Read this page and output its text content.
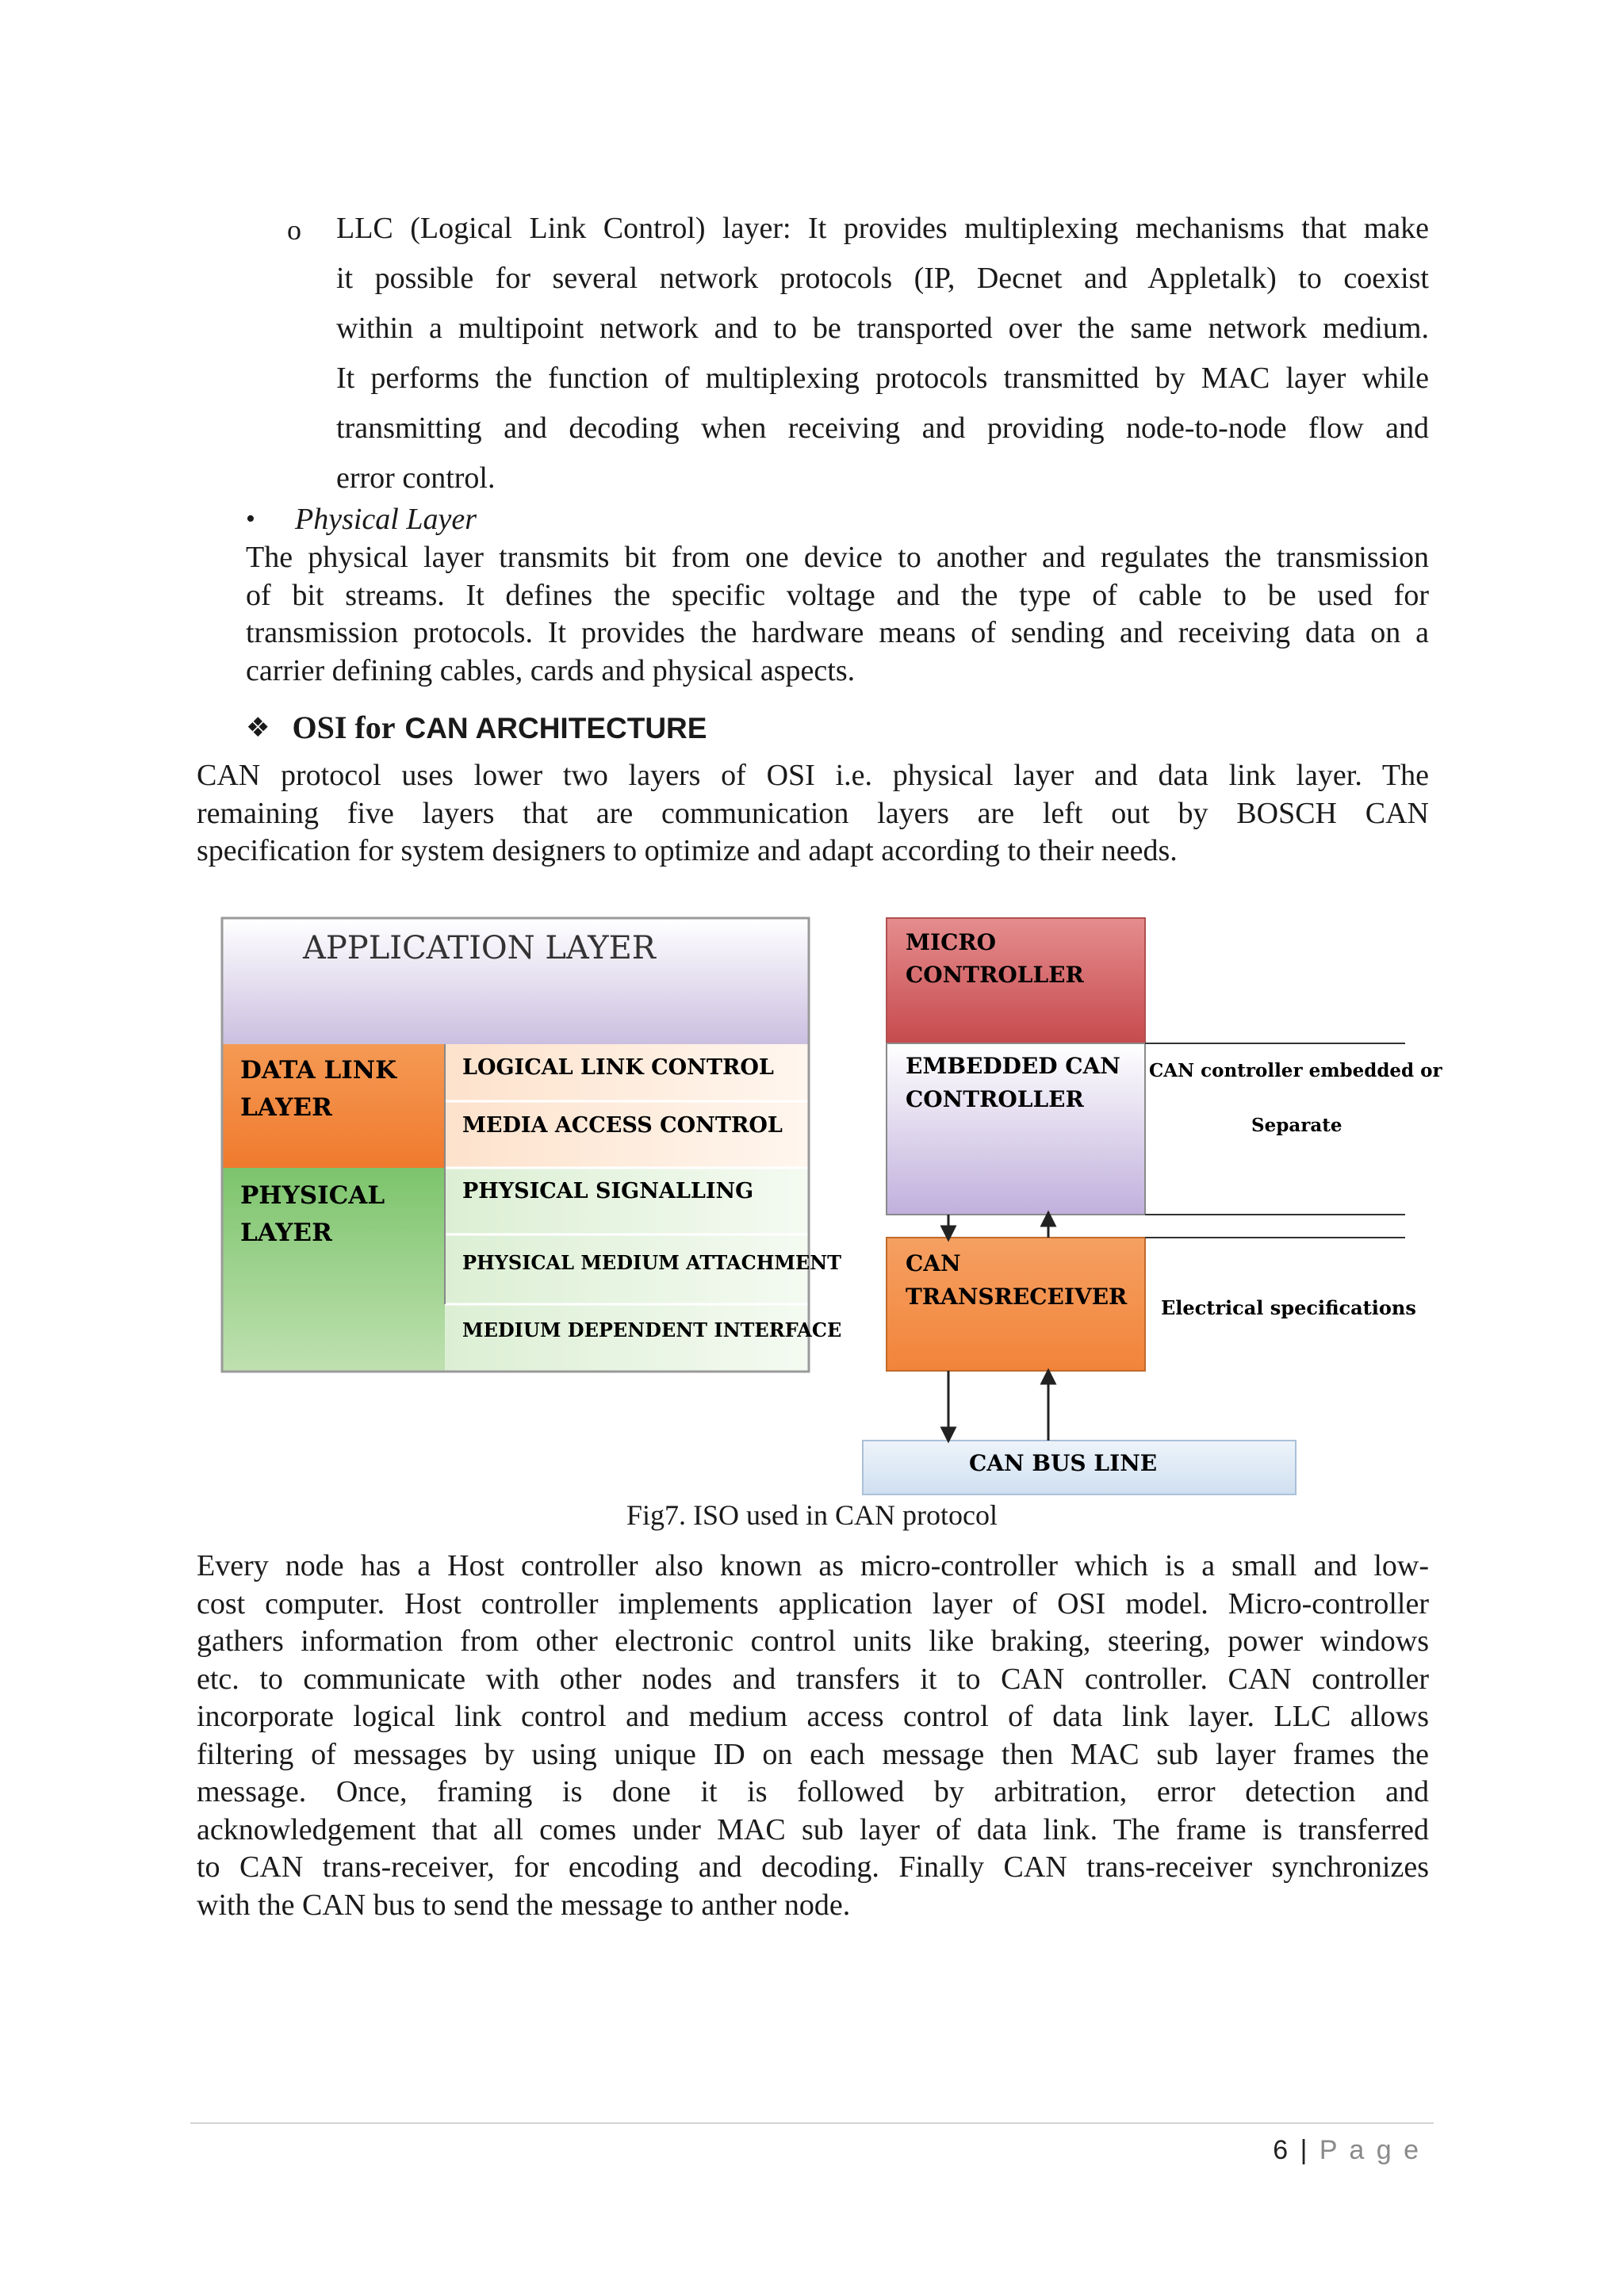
o LLC (Logical Link Control) layer: It provides multiplexing mechanisms that make
it possible for several network protocols (IP, Decnet and Appletalk) to coexist
within a multipoint network and to be transported over the same network medium.
It performs the function of multiplexing protocols transmitted by MAC layer while
transmitting and decoding when receiving and providing node-to-node flow and
error control.
• Physical Layer
The physical layer transmits bit from one device to another and regulates the transmission
of bit streams. It defines the specific voltage and the type of cable to be used for
transmission protocols. It provides the hardware means of sending and receiving data on a
carrier defining cables, cards and physical aspects.
❖ OSI for CAN ARCHITECTURE
CAN protocol uses lower two layers of OSI i.e. physical layer and data link layer. The
remaining five layers that are communication layers are left out by BOSCH CAN
specification for system designers to optimize and adapt according to their needs.
APPLICATION LAYER
DATA LINK
LAYER
PHYSICAL
LAYER
LOGICAL LINK CONTROL
MEDIA ACCESS CONTROL
PHYSICAL SIGNALLING
PHYSICAL MEDIUM ATTACHMENT
MEDIUM DEPENDENT INTERFACE
MICRO
CONTROLLER
EMBEDDED CAN
CONTROLLER
CAN controller embedded or
Separate
CAN
TRANSRECEIVER Electrical specifications
CAN BUS LINE
Fig7. ISO used in CAN protocol
Every node has a Host controller also known as micro-controller which is a small and low-
cost computer. Host controller implements application layer of OSI model. Micro-controller
gathers information from other electronic control units like braking, steering, power windows
etc. to communicate with other nodes and transfers it to CAN controller. CAN controller
incorporate logical link control and medium access control of data link layer. LLC allows
filtering of messages by using unique ID on each message then MAC sub layer frames the
message. Once, framing is done it is followed by arbitration, error detection and
acknowledgement that all comes under MAC sub layer of data link. The frame is transferred
to CAN trans-receiver, for encoding and decoding. Finally CAN trans-receiver synchronizes
with the CAN bus to send the message to anther node.
6 | P a g e
